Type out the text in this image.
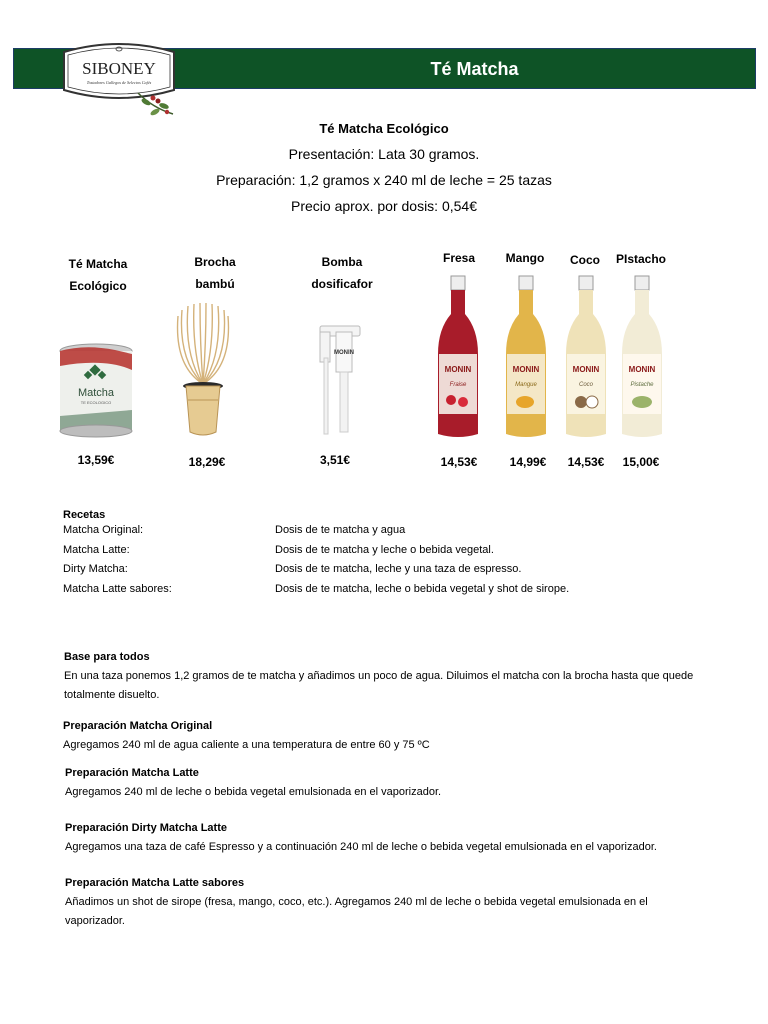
Té Matcha
SIBONEY
Tostadores Gallegos de Selectos Cafés
Té Matcha Ecológico
Presentación: Lata 30 gramos.
Preparación: 1,2 gramos x 240 ml de leche = 25 tazas
Precio aprox. por dosis: 0,54€
Té Matcha
Ecológico
Brocha
bambú
Bomba
dosificafor
Fresa	Mango	Coco	PIstacho
Matcha
TE ECOLOGICO
MONIN
MONIN
Fraise
MONIN
Mangue
MONIN
Coco
MONIN
Pistache
13,59€	18,29€	3,51€	14,53€	14,99€	14,53€	15,00€
Recetas
Matcha Original:	Dosis de te matcha y agua
Matcha Latte:	Dosis de te matcha y leche o bebida vegetal.
Dirty Matcha:	Dosis de te matcha, leche y una taza de espresso.
Matcha Latte sabores:	Dosis de te matcha, leche o bebida vegetal y shot de sirope.
Base para todos
En una taza ponemos 1,2 gramos de te matcha y añadimos un poco de agua. Diluimos el matcha con la brocha hasta que quede totalmente disuelto.
Preparación Matcha Original
Agregamos 240 ml de agua caliente a una temperatura de entre 60 y 75 ºC
Preparación Matcha Latte
Agregamos 240 ml de leche o bebida vegetal emulsionada en el vaporizador.
Preparación Dirty Matcha Latte
Agregamos una taza de café Espresso y a continuación 240 ml de leche o bebida vegetal emulsionada en el vaporizador.
Preparación Matcha Latte sabores
Añadimos un shot de sirope (fresa, mango, coco, etc.). Agregamos 240 ml de leche o bebida vegetal emulsionada en el vaporizador.
